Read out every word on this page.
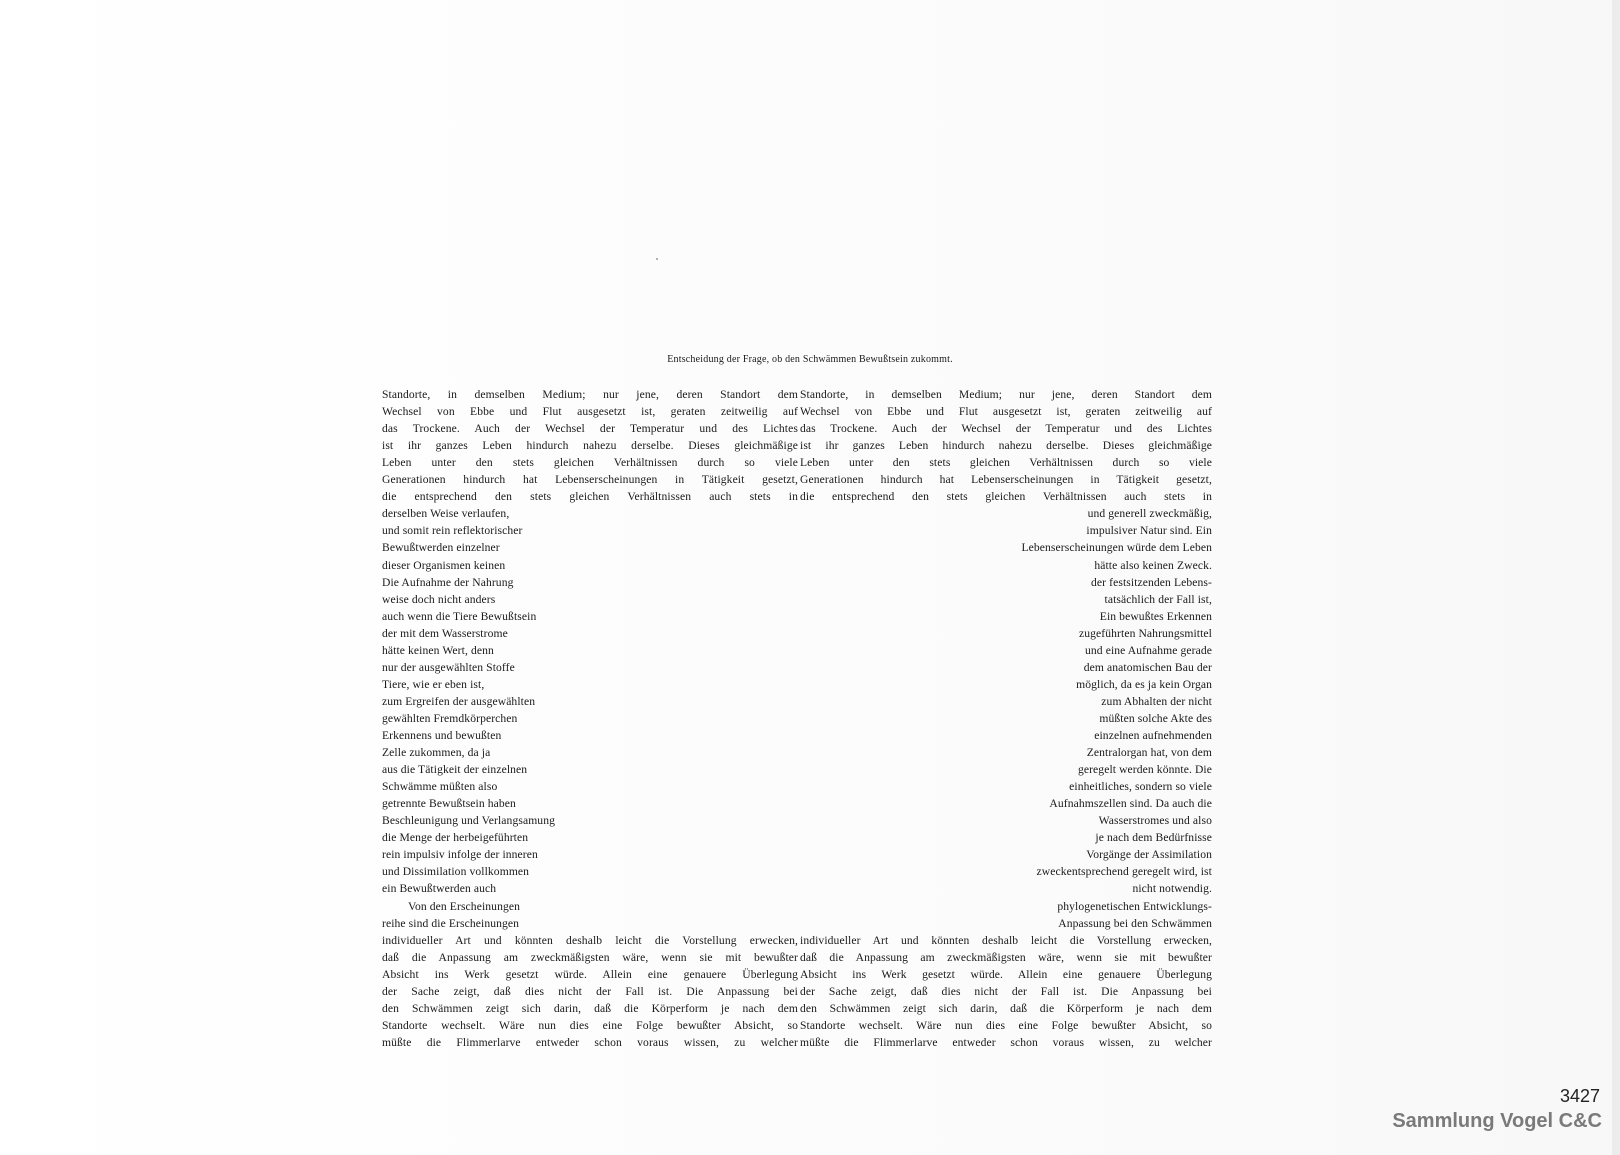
Entscheidung der Frage, ob den Schwämmen Bewußtsein zukommt.
Standorte, in demselben Medium; nur jene, deren Standort dem
Wechsel von Ebbe und Flut ausgesetzt ist, geraten zeitweilig auf
das Trockene. Auch der Wechsel der Temperatur und des Lichtes
ist ihr ganzes Leben hindurch nahezu derselbe. Dieses gleichmäßige
Leben unter den stets gleichen Verhältnissen durch so viele
Generationen hindurch hat Lebenserscheinungen in Tätigkeit gesetzt,
die entsprechend den stets gleichen Verhältnissen auch stets in
derselben Weise verlaufen,
und somit rein reflektorischer
Bewußtwerden einzelner
dieser Organismen keinen
Die Aufnahme der Nahrung
weise doch nicht anders
auch wenn die Tiere Bewußtsein
der mit dem Wasserstrome
hätte keinen Wert, denn
nur der ausgewählten Stoffe
Tiere, wie er eben ist,
zum Ergreifen der ausgewählten
gewählten Fremdkörperchen
Erkennens und bewußten
Zelle zukommen, da ja
aus die Tätigkeit der einzelnen
Schwämme müßten also
getrennte Bewußtsein haben
Beschleunigung und Verlangsamung
die Menge der herbeigeführten
rein impulsiv infolge der inneren
und Dissimilation vollkommen
ein Bewußtwerden auch
Von den Erscheinungen
reihe sind die Erscheinungen
individueller Art und könnten deshalb leicht die Vorstellung erwecken,
daß die Anpassung am zweckmäßigsten wäre, wenn sie mit bewußter
Absicht ins Werk gesetzt würde. Allein eine genauere Überlegung
der Sache zeigt, daß dies nicht der Fall ist. Die Anpassung bei
den Schwämmen zeigt sich darin, daß die Körperform je nach dem
Standorte wechselt. Wäre nun dies eine Folge bewußter Absicht, so
müßte die Flimmerlarve entweder schon voraus wissen, zu welcher
Standorte, in demselben Medium; nur jene, deren Standort dem
Wechsel von Ebbe und Flut ausgesetzt ist, geraten zeitweilig auf
das Trockene. Auch der Wechsel der Temperatur und des Lichtes
ist ihr ganzes Leben hindurch nahezu derselbe. Dieses gleichmäßige
Leben unter den stets gleichen Verhältnissen durch so viele
Generationen hindurch hat Lebenserscheinungen in Tätigkeit gesetzt,
die entsprechend den stets gleichen Verhältnissen auch stets in
und generell zweckmäßig,
impulsiver Natur sind. Ein
Lebenserscheinungen würde dem Leben
hätte also keinen Zweck.
der festsitzenden Lebens-
tatsächlich der Fall ist,
Ein bewußtes Erkennen
zugeführten Nahrungsmittel
und eine Aufnahme gerade
dem anatomischen Bau der
möglich, da es ja kein Organ
zum Abhalten der nicht
müßten solche Akte des
einzelnen aufnehmenden
Zentralorgan hat, von dem
geregelt werden könnte. Die
einheitliches, sondern so viele
Aufnahmszellen sind. Da auch die
Wasserstromes und also
je nach dem Bedürfnisse
Vorgänge der Assimilation
zweckentsprechend geregelt wird, ist
nicht notwendig.
phylogenetischen Entwicklungs-
Anpassung bei den Schwämmen
individueller Art und könnten deshalb leicht die Vorstellung erwecken,
daß die Anpassung am zweckmäßigsten wäre, wenn sie mit bewußter
Absicht ins Werk gesetzt würde. Allein eine genauere Überlegung
der Sache zeigt, daß dies nicht der Fall ist. Die Anpassung bei
den Schwämmen zeigt sich darin, daß die Körperform je nach dem
Standorte wechselt. Wäre nun dies eine Folge bewußter Absicht, so
müßte die Flimmerlarve entweder schon voraus wissen, zu welcher
3427
Sammlung Vogel C&C
